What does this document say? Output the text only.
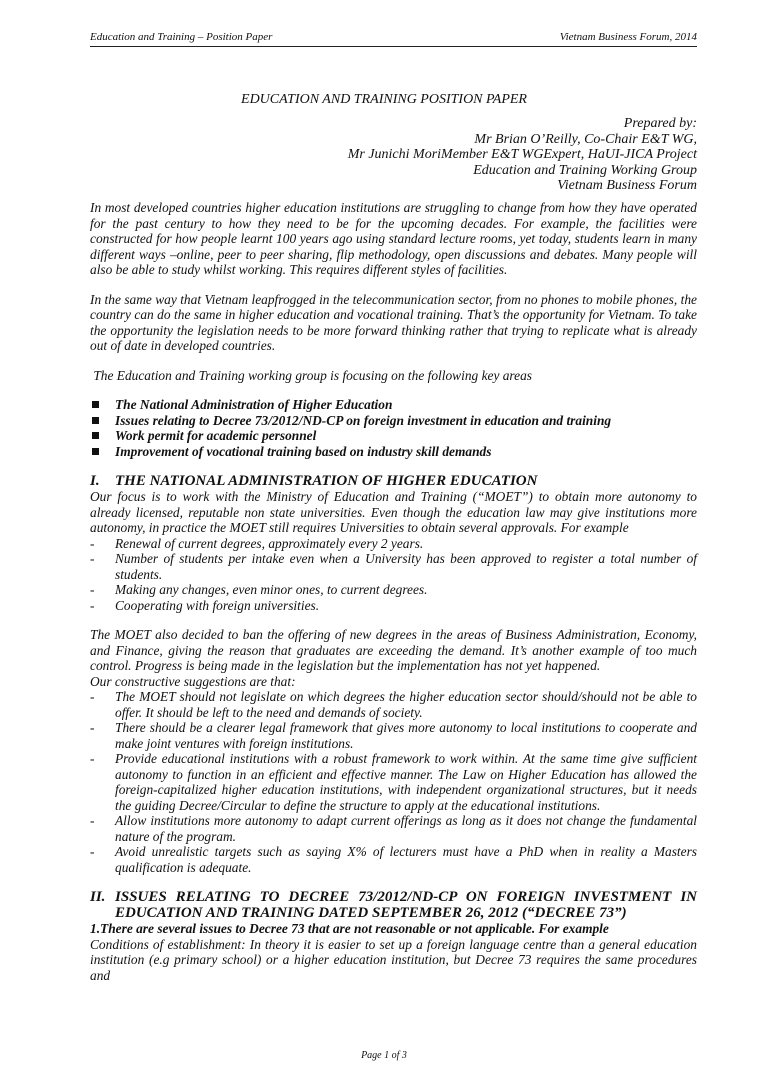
Education and Training – Position Paper	Vietnam Business Forum, 2014
EDUCATION AND TRAINING POSITION PAPER
Prepared by:
Mr Brian O’Reilly, Co-Chair E&T WG,
Mr Junichi MoriMember E&T WGExpert, HaUI-JICA Project
Education and Training Working Group
Vietnam Business Forum

In most developed countries higher education institutions are struggling to change from how they have operated for the past century to how they need to be for the upcoming decades. For example, the facilities were constructed for how people learnt 100 years ago using standard lecture rooms, yet today, students learn in many different ways –online, peer to peer sharing, flip methodology, open discussions and debates. Many people will also be able to study whilst working. This requires different styles of facilities.

In the same way that Vietnam leapfrogged in the telecommunication sector, from no phones to mobile phones, the country can do the same in higher education and vocational training. That’s the opportunity for Vietnam. To take the opportunity the legislation needs to be more forward thinking rather that trying to replicate what is already out of date in developed countries.

The Education and Training working group is focusing on the following key areas

The National Administration of Higher Education
Issues relating to Decree 73/2012/ND-CP on foreign investment in education and training
Work permit for academic personnel
Improvement of vocational training based on industry skill demands
I. THE NATIONAL ADMINISTRATION OF HIGHER EDUCATION

Our focus is to work with the Ministry of Education and Training (“MOET”) to obtain more autonomy to already licensed, reputable non state universities. Even though the education law may give institutions more autonomy, in practice the MOET still requires Universities to obtain several approvals. For example

- Renewal of current degrees, approximately every 2 years.
- Number of students per intake even when a University has been approved to register a total number of students.
- Making any changes, even minor ones, to current degrees.
- Cooperating with foreign universities.

The MOET also decided to ban the offering of new degrees in the areas of Business Administration, Economy, and Finance, giving the reason that graduates are exceeding the demand. It’s another example of too much control. Progress is being made in the legislation but the implementation has not yet happened.

Our constructive suggestions are that:
- The MOET should not legislate on which degrees the higher education sector should/should not be able to offer. It should be left to the need and demands of society.
- There should be a clearer legal framework that gives more autonomy to local institutions to cooperate and make joint ventures with foreign institutions.
- Provide educational institutions with a robust framework to work within. At the same time give sufficient autonomy to function in an efficient and effective manner. The Law on Higher Education has allowed the foreign-capitalized higher education institutions, with independent organizational structures, but it needs the guiding Decree/Circular to define the structure to apply at the educational institutions.
- Allow institutions more autonomy to adapt current offerings as long as it does not change the fundamental nature of the program.
- Avoid unrealistic targets such as saying X% of lecturers must have a PhD when in reality a Masters qualification is adequate.
II. ISSUES RELATING TO DECREE 73/2012/ND-CP ON FOREIGN INVESTMENT IN EDUCATION AND TRAINING DATED SEPTEMBER 26, 2012 (“DECREE 73”)
1.There are several issues to Decree 73 that are not reasonable or not applicable. For example
Conditions of establishment: In theory it is easier to set up a foreign language centre than a general education institution (e.g primary school) or a higher education institution, but Decree 73 requires the same procedures and
Page 1 of 3
